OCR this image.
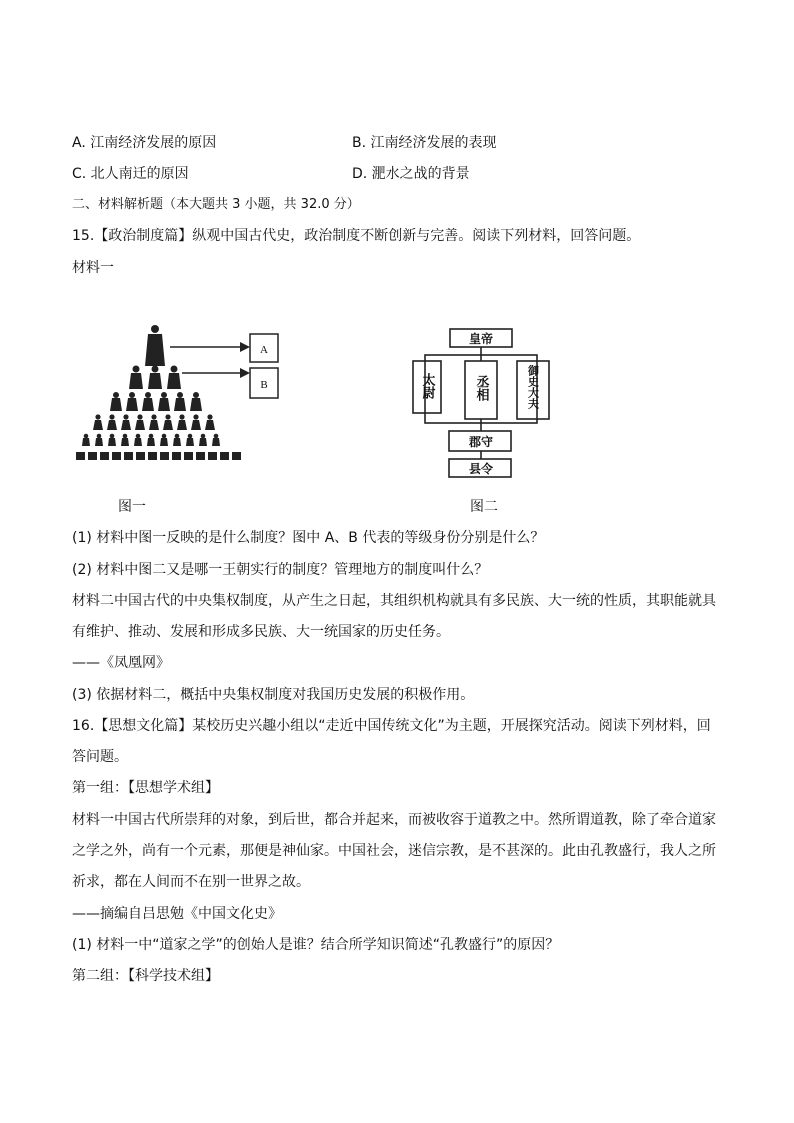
A. 江南经济发展的原因	B. 江南经济发展的表现
C. 北人南迁的原因	D. 淝水之战的背景
二、材料解析题（本大题共 3 小题，共 32.0 分）
15.【政治制度篇】纵观中国古代史，政治制度不断创新与完善。阅读下列材料，回答问题。
材料一
A
B
图一
皇帝
郡守
县令
太尉	丞相	御史大夫
图二
(1) 材料中图一反映的是什么制度？图中 A、B 代表的等级身份分别是什么？
(2) 材料中图二又是哪一王朝实行的制度？管理地方的制度叫什么？
材料二中国古代的中央集权制度，从产生之日起，其组织机构就具有多民族、大一统的性质，其职能就具
有维护、推动、发展和形成多民族、大一统国家的历史任务。
——《凤凰网》
(3) 依据材料二，概括中央集权制度对我国历史发展的积极作用。
16.【思想文化篇】某校历史兴趣小组以“走近中国传统文化”为主题，开展探究活动。阅读下列材料，回
答问题。
第一组：【思想学术组】
材料一中国古代所崇拜的对象，到后世，都合并起来，而被收容于道教之中。然所谓道教，除了牵合道家
之学之外，尚有一个元素，那便是神仙家。中国社会，迷信宗教，是不甚深的。此由孔教盛行，我人之所
祈求，都在人间而不在别一世界之故。
——摘编自吕思勉《中国文化史》
(1) 材料一中“道家之学”的创始人是谁？结合所学知识简述“孔教盛行”的原因？
第二组：【科学技术组】
